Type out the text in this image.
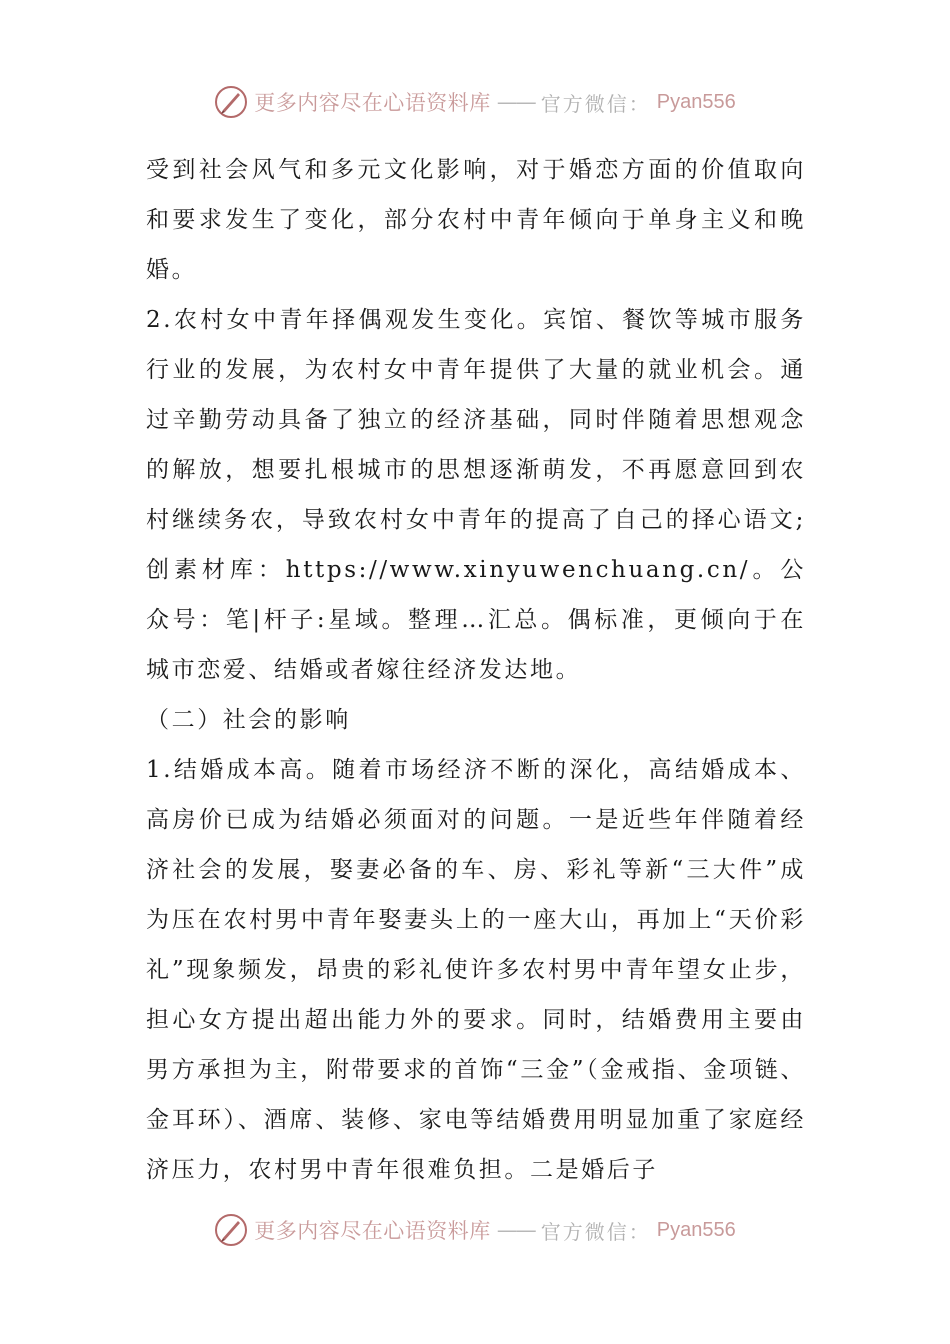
更多内容尽在心语资料库 —— 官方微信： Pyan556

受到社会风气和多元文化影响，对于婚恋方面的价值取向和要求发生了变化，部分农村中青年倾向于单身主义和晚婚。

2.农村女中青年择偶观发生变化。宾馆、餐饮等城市服务行业的发展，为农村女中青年提供了大量的就业机会。通过辛勤劳动具备了独立的经济基础，同时伴随着思想观念的解放，想要扎根城市的思想逐渐萌发，不再愿意回到农村继续务农，导致农村女中青年的提高了自己的择心语文;创素材库：https://www.xinyuwenchuang.cn/。公众号：笔|杆子:星域。整理…汇总。偶标准，更倾向于在城市恋爱、结婚或者嫁往经济发达地。

（二）社会的影响

1.结婚成本高。随着市场经济不断的深化，高结婚成本、高房价已成为结婚必须面对的问题。一是近些年伴随着经济社会的发展，娶妻必备的车、房、彩礼等新“三大件”成为压在农村男中青年娶妻头上的一座大山，再加上“天价彩礼”现象频发，昂贵的彩礼使许多农村男中青年望女止步，担心女方提出超出能力外的要求。同时，结婚费用主要由男方承担为主，附带要求的首饰“三金”（金戒指、金项链、金耳环）、酒席、装修、家电等结婚费用明显加重了家庭经济压力，农村男中青年很难负担。二是婚后子

更多内容尽在心语资料库 —— 官方微信： Pyan556
